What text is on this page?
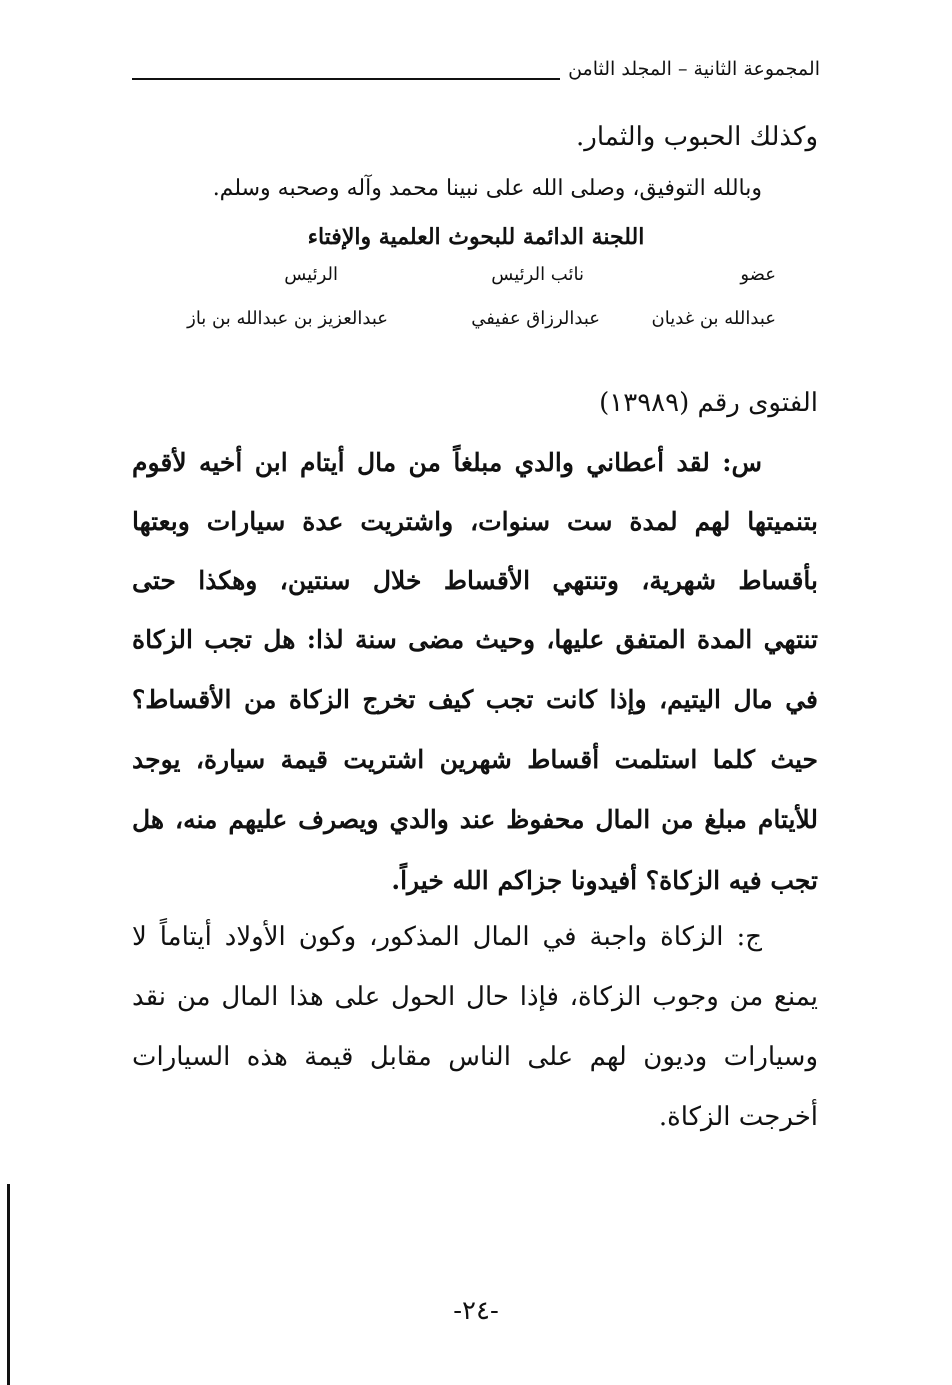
المجموعة الثانية – المجلد الثامن
وكذلك الحبوب والثمار.
وبالله التوفيق، وصلى الله على نبينا محمد وآله وصحبه وسلم.
اللجنة الدائمة للبحوث العلمية والإفتاء
عضو
نائب الرئيس
الرئيس
عبدالله بن غديان
عبدالرزاق عفيفي
عبدالعزيز بن عبدالله بن باز
الفتوى رقم (١٣٩٨٩)
س: لقد أعطاني والدي مبلغاً من مال أيتام ابن أخيه لأقوم
بتنميتها لهم لمدة ست سنوات، واشتريت عدة سيارات وبعتها
بأقساط شهرية، وتنتهي الأقساط خلال سنتين، وهكذا حتى
تنتهي المدة المتفق عليها، وحيث مضى سنة لذا: هل تجب الزكاة
في مال اليتيم، وإذا كانت تجب كيف تخرج الزكاة من الأقساط؟
حيث كلما استلمت أقساط شهرين اشتريت قيمة سيارة، يوجد
للأيتام مبلغ من المال محفوظ عند والدي ويصرف عليهم منه، هل
تجب فيه الزكاة؟ أفيدونا جزاكم الله خيراً.
ج: الزكاة واجبة في المال المذكور، وكون الأولاد أيتاماً لا
يمنع من وجوب الزكاة، فإذا حال الحول على هذا المال من نقد
وسيارات وديون لهم على الناس مقابل قيمة هذه السيارات
أخرجت الزكاة.
-٢٤-
